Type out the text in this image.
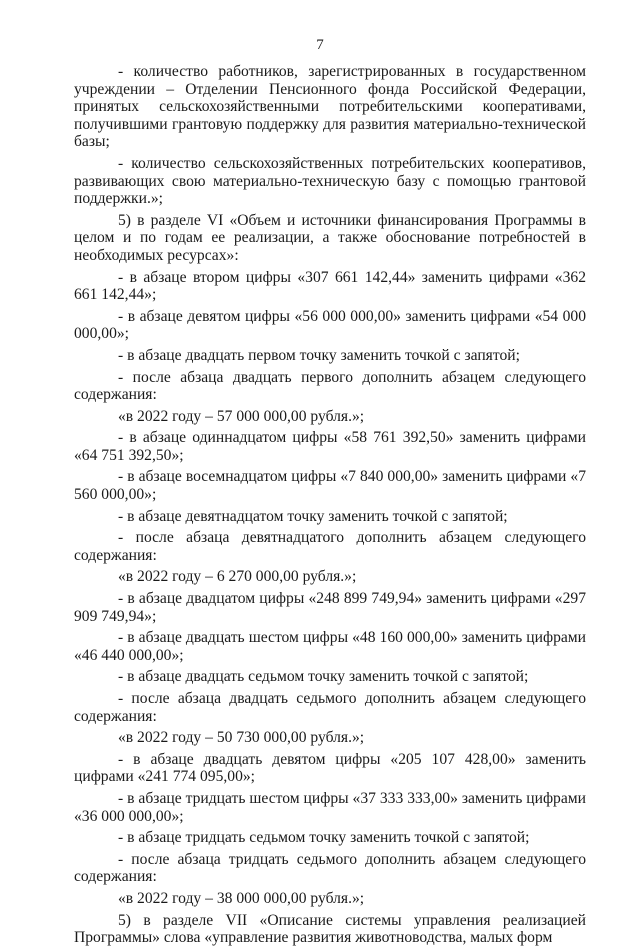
7

- количество работников, зарегистрированных в государственном учреждении – Отделении Пенсионного фонда Российской Федерации, принятых сельскохозяйственными потребительскими кооперативами, получившими грантовую поддержку для развития материально-технической базы;

- количество сельскохозяйственных потребительских кооперативов, развивающих свою материально-техническую базу с помощью грантовой поддержки.»;

5) в разделе VI «Объем и источники финансирования Программы в целом и по годам ее реализации, а также обоснование потребностей в необходимых ресурсах»:

- в абзаце втором цифры «307 661 142,44» заменить цифрами «362 661 142,44»;

- в абзаце девятом цифры «56 000 000,00» заменить цифрами «54 000 000,00»;

- в абзаце двадцать первом точку заменить точкой с запятой;

- после абзаца двадцать первого дополнить абзацем следующего содержания:

«в 2022 году – 57 000 000,00 рубля.»;

- в абзаце одиннадцатом цифры «58 761 392,50» заменить цифрами «64 751 392,50»;

- в абзаце восемнадцатом цифры «7 840 000,00» заменить цифрами «7 560 000,00»;

- в абзаце девятнадцатом точку заменить точкой с запятой;

- после абзаца девятнадцатого дополнить абзацем следующего содержания:

«в 2022 году – 6 270 000,00 рубля.»;

- в абзаце двадцатом цифры «248 899 749,94» заменить цифрами «297 909 749,94»;

- в абзаце двадцать шестом цифры «48 160 000,00» заменить цифрами «46 440 000,00»;

- в абзаце двадцать седьмом точку заменить точкой с запятой;

- после абзаца двадцать седьмого дополнить абзацем следующего содержания:

«в 2022 году – 50 730 000,00 рубля.»;

- в абзаце двадцать девятом цифры «205 107 428,00» заменить цифрами «241 774 095,00»;

- в абзаце тридцать шестом цифры «37 333 333,00» заменить цифрами «36 000 000,00»;

- в абзаце тридцать седьмом точку заменить точкой с запятой;

- после абзаца тридцать седьмого дополнить абзацем следующего содержания:

«в 2022 году – 38 000 000,00 рубля.»;

5) в разделе VII «Описание системы управления реализацией Программы» слова «управление развития животноводства, малых форм
